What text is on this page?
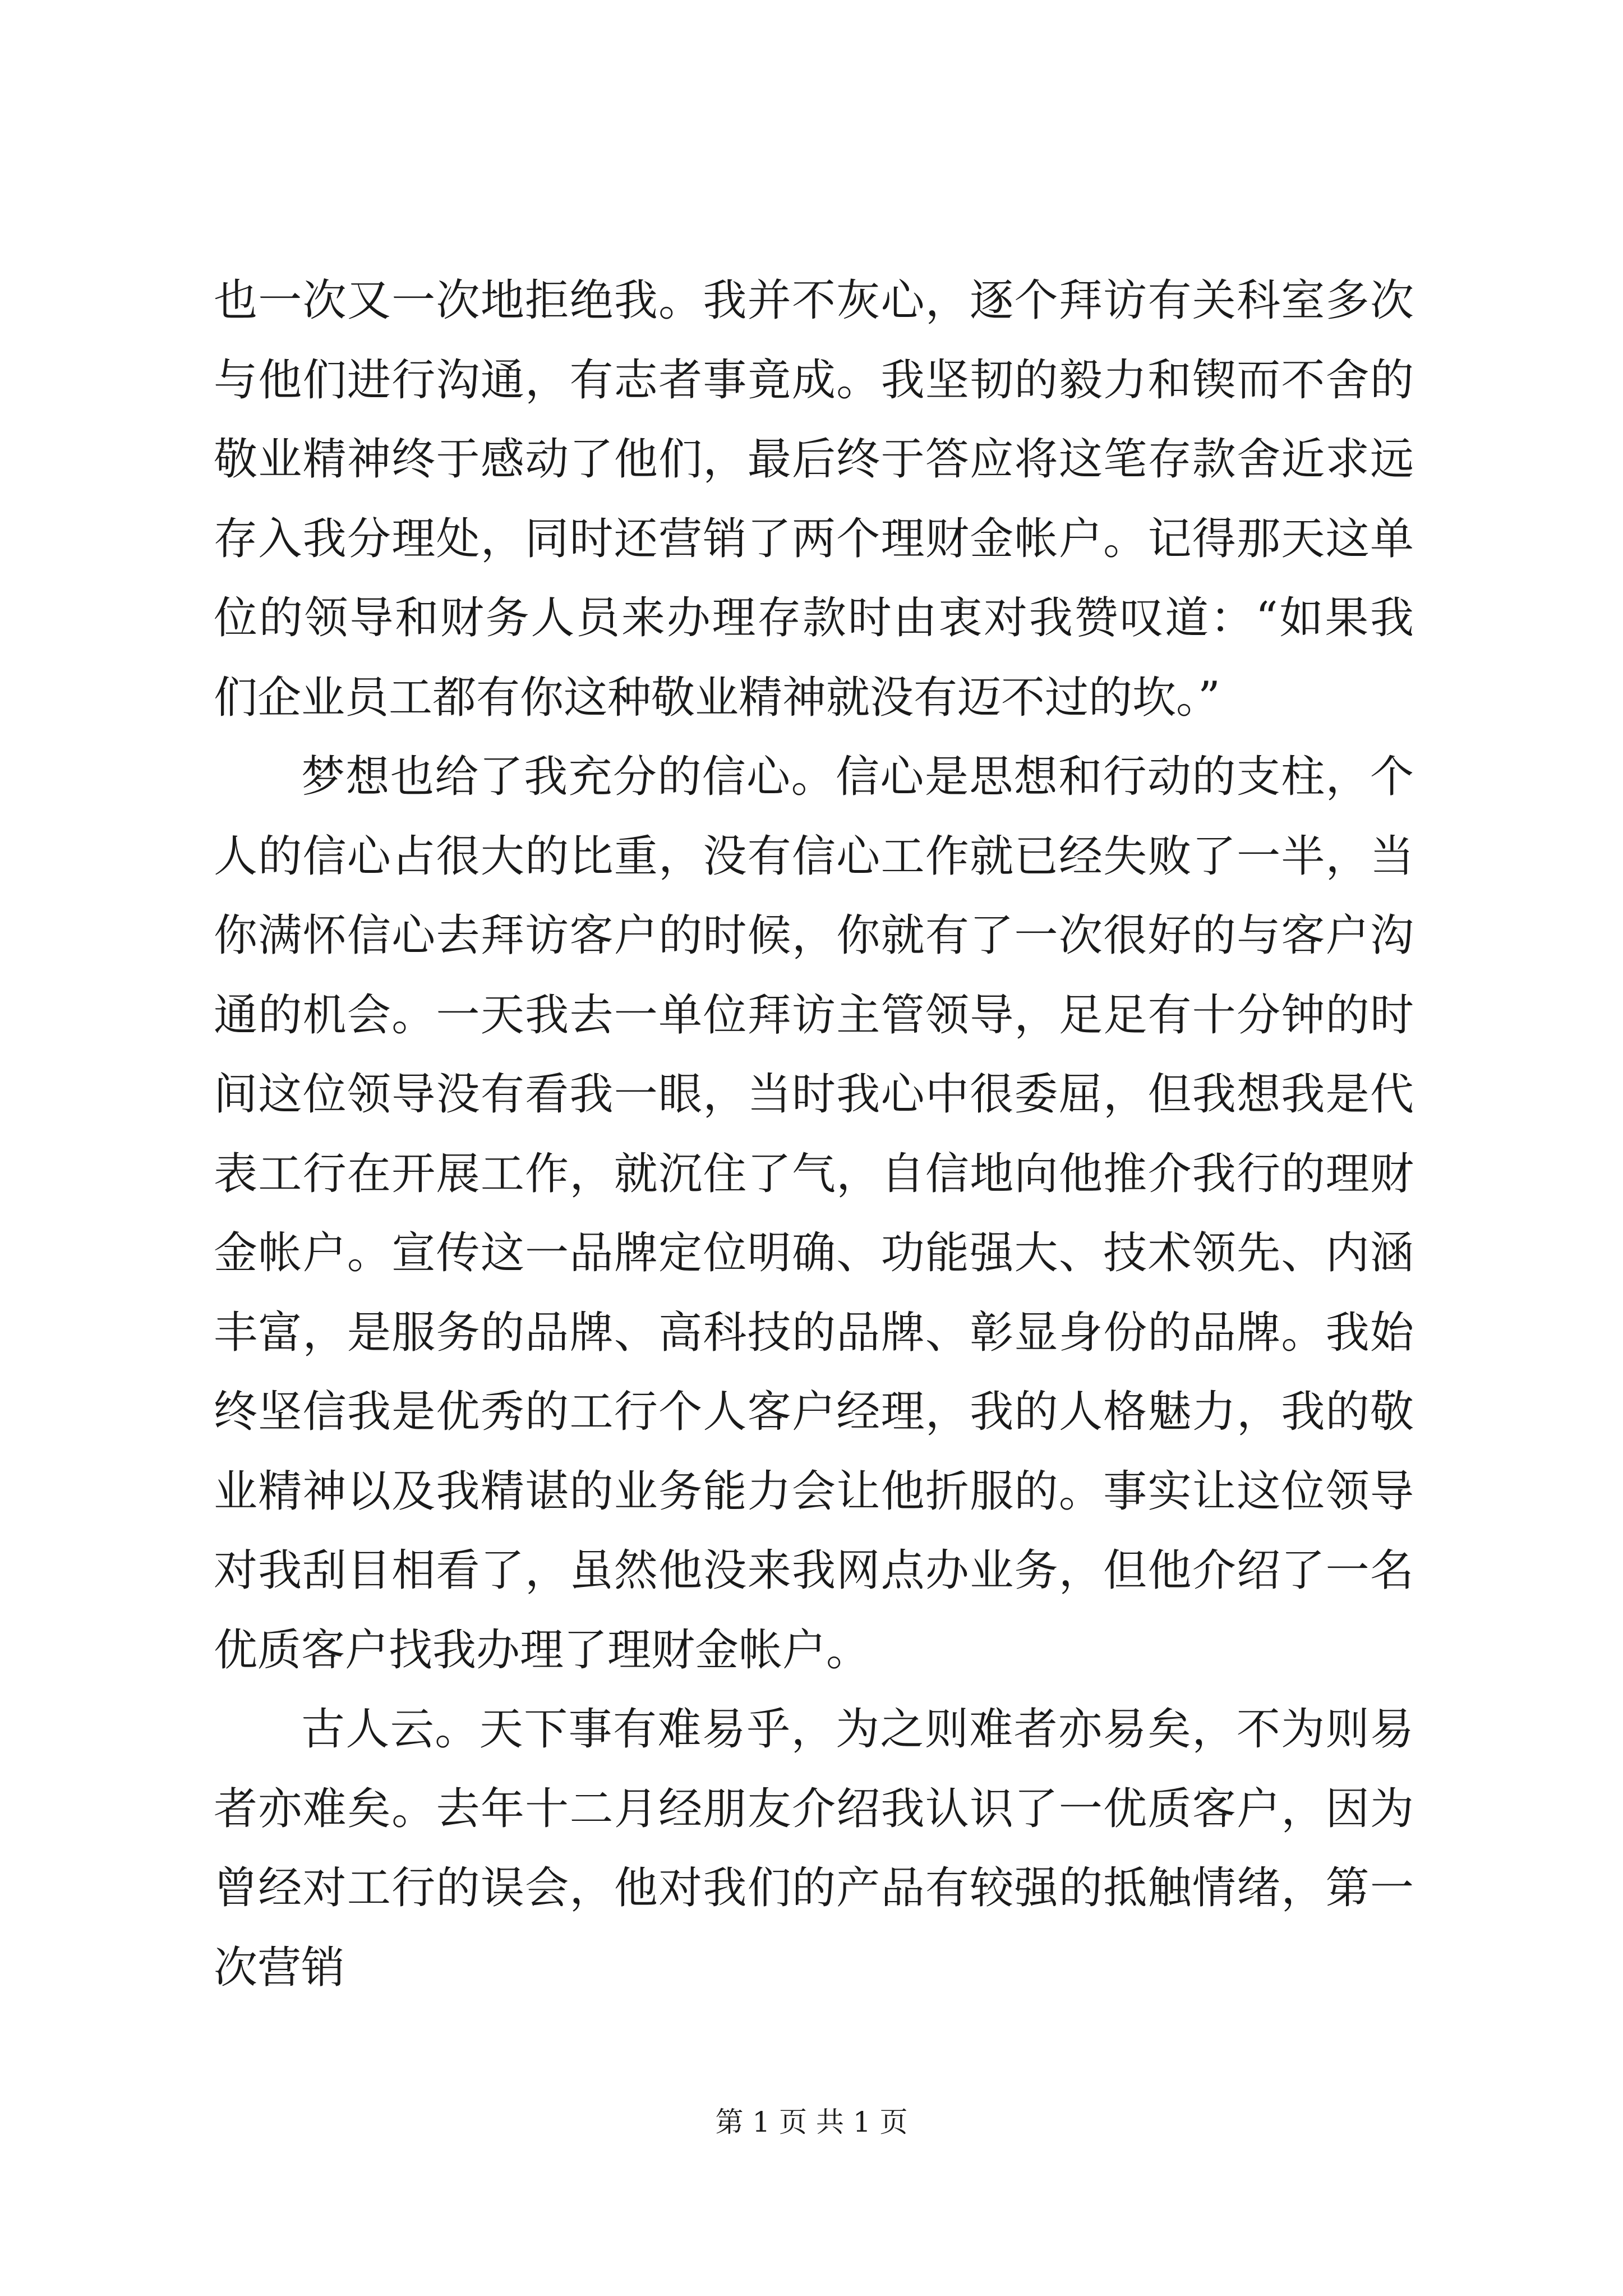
也一次又一次地拒绝我。我并不灰心，逐个拜访有关科室多次与他们进行沟通，有志者事竟成。我坚韧的毅力和锲而不舍的敬业精神终于感动了他们，最后终于答应将这笔存款舍近求远存入我分理处，同时还营销了两个理财金帐户。记得那天这单位的领导和财务人员来办理存款时由衷对我赞叹道：“如果我们企业员工都有你这种敬业精神就没有迈不过的坎。”

梦想也给了我充分的信心。信心是思想和行动的支柱，个人的信心占很大的比重，没有信心工作就已经失败了一半，当你满怀信心去拜访客户的时候，你就有了一次很好的与客户沟通的机会。一天我去一单位拜访主管领导，足足有十分钟的时间这位领导没有看我一眼，当时我心中很委屈，但我想我是代表工行在开展工作，就沉住了气，自信地向他推介我行的理财金帐户。宣传这一品牌定位明确、功能强大、技术领先、内涵丰富，是服务的品牌、高科技的品牌、彰显身份的品牌。我始终坚信我是优秀的工行个人客户经理，我的人格魅力，我的敬业精神以及我精谌的业务能力会让他折服的。事实让这位领导对我刮目相看了，虽然他没来我网点办业务，但他介绍了一名优质客户找我办理了理财金帐户。

古人云。天下事有难易乎，为之则难者亦易矣，不为则易者亦难矣。去年十二月经朋友介绍我认识了一优质客户，因为曾经对工行的误会，他对我们的产品有较强的抵触情绪，第一次营销

第 1 页 共 1 页
